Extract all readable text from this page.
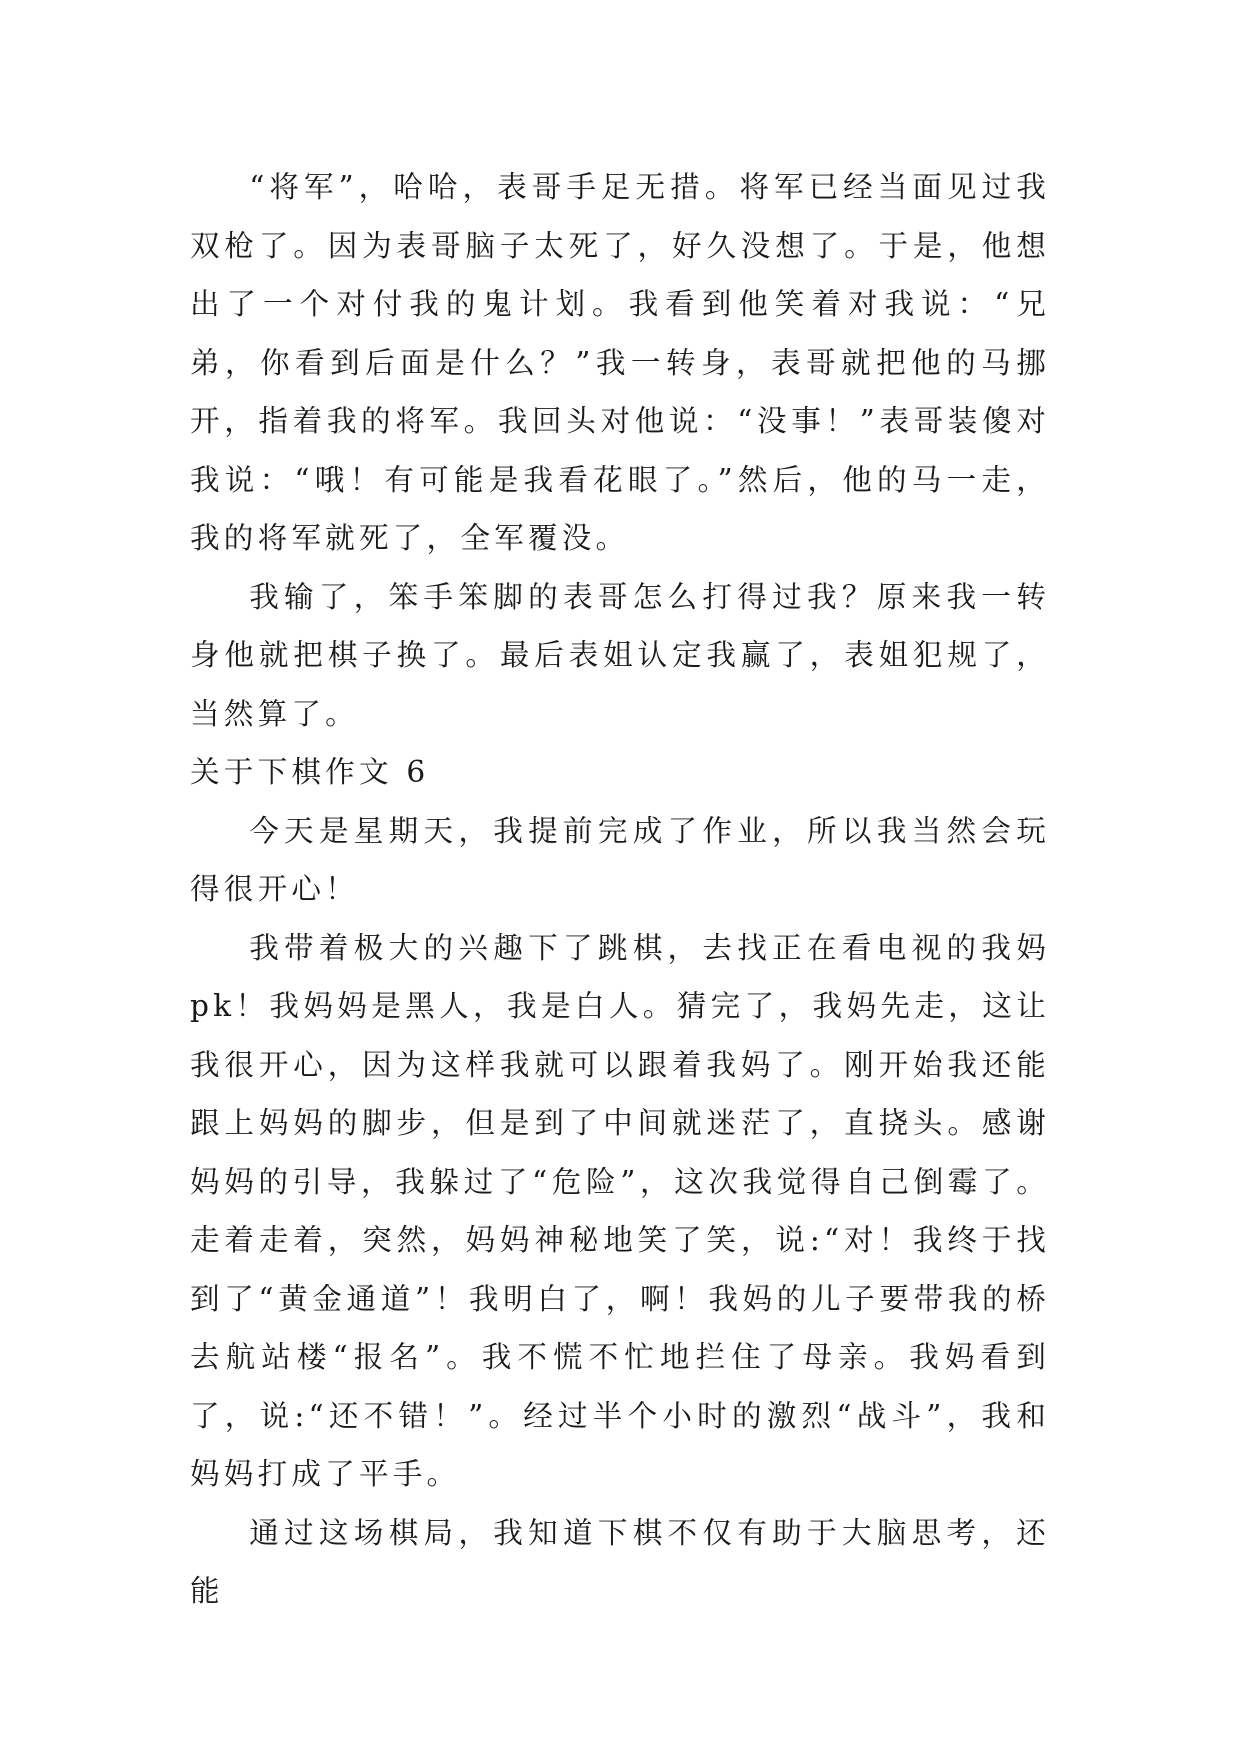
“将军”，哈哈，表哥手足无措。将军已经当面见过我双枪了。因为表哥脑子太死了，好久没想了。于是，他想出了一个对付我的鬼计划。我看到他笑着对我说：“兄弟，你看到后面是什么？”我一转身，表哥就把他的马挪开，指着我的将军。我回头对他说：“没事！”表哥装傻对我说：“哦！有可能是我看花眼了。”然后，他的马一走，我的将军就死了，全军覆没。

我输了，笨手笨脚的表哥怎么打得过我？原来我一转身他就把棋子换了。最后表姐认定我赢了，表姐犯规了，当然算了。

关于下棋作文 6

今天是星期天，我提前完成了作业，所以我当然会玩得很开心！

我带着极大的兴趣下了跳棋，去找正在看电视的我妈pk！我妈妈是黑人，我是白人。猜完了，我妈先走，这让我很开心，因为这样我就可以跟着我妈了。刚开始我还能跟上妈妈的脚步，但是到了中间就迷茫了，直挠头。感谢妈妈的引导，我躲过了“危险”，这次我觉得自己倒霉了。走着走着，突然，妈妈神秘地笑了笑，说:“对！我终于找到了“黄金通道”！我明白了，啊！我妈的儿子要带我的桥去航站楼“报名”。我不慌不忙地拦住了母亲。我妈看到了，说:“还不错！”。经过半个小时的激烈“战斗”，我和妈妈打成了平手。

通过这场棋局，我知道下棋不仅有助于大脑思考，还能
